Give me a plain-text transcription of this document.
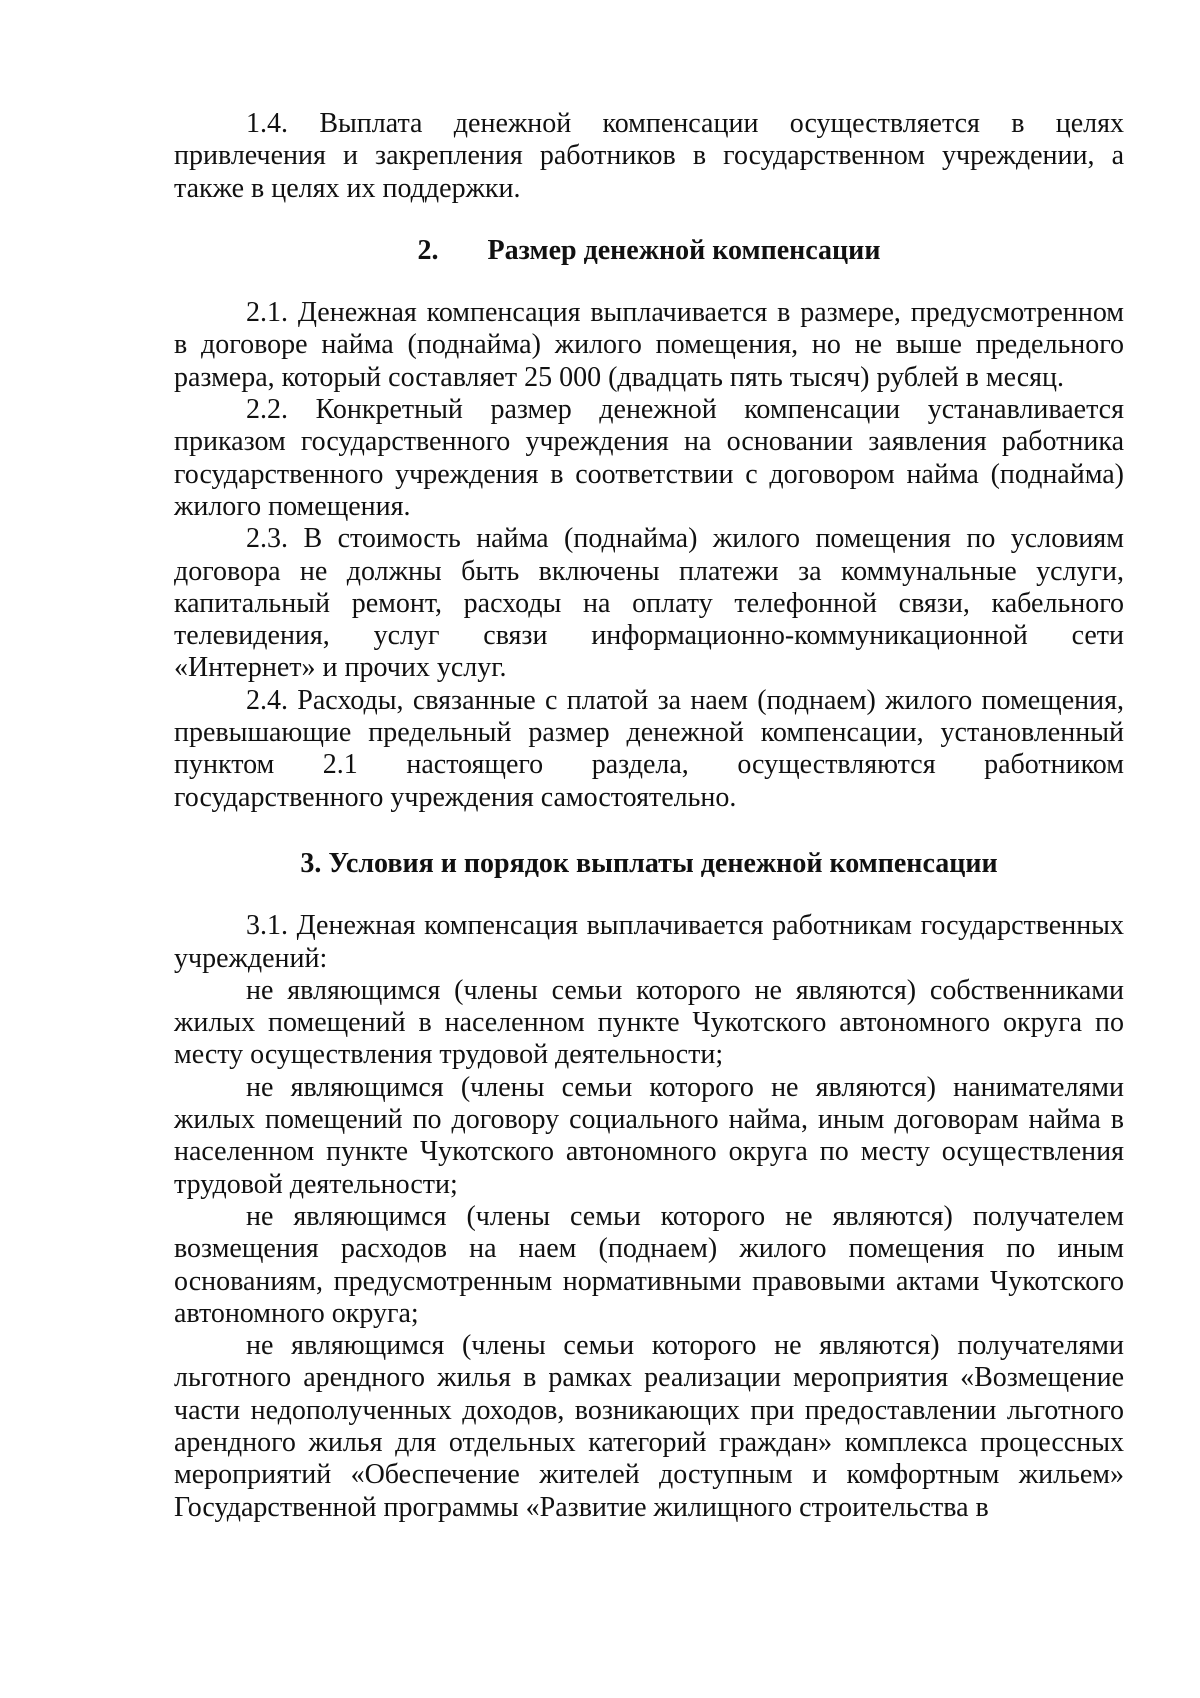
1.4. Выплата денежной компенсации осуществляется в целях привлечения и закрепления работников в государственном учреждении, а также в целях их поддержки.

2. Размер денежной компенсации

2.1. Денежная компенсация выплачивается в размере, предусмотренном в договоре найма (поднайма) жилого помещения, но не выше предельного размера, который составляет 25 000 (двадцать пять тысяч) рублей в месяц.

2.2. Конкретный размер денежной компенсации устанавливается приказом государственного учреждения на основании заявления работника государственного учреждения в соответствии с договором найма (поднайма) жилого помещения.

2.3. В стоимость найма (поднайма) жилого помещения по условиям договора не должны быть включены платежи за коммунальные услуги, капитальный ремонт, расходы на оплату телефонной связи, кабельного телевидения, услуг связи информационно-коммуникационной сети «Интернет» и прочих услуг.

2.4. Расходы, связанные с платой за наем (поднаем) жилого помещения, превышающие предельный размер денежной компенсации, установленный пунктом 2.1 настоящего раздела, осуществляются работником государственного учреждения самостоятельно.

3. Условия и порядок выплаты денежной компенсации

3.1. Денежная компенсация выплачивается работникам государственных учреждений:

не являющимся (члены семьи которого не являются) собственниками жилых помещений в населенном пункте Чукотского автономного округа по месту осуществления трудовой деятельности;

не являющимся (члены семьи которого не являются) нанимателями жилых помещений по договору социального найма, иным договорам найма в населенном пункте Чукотского автономного округа по месту осуществления трудовой деятельности;

не являющимся (члены семьи которого не являются) получателем возмещения расходов на наем (поднаем) жилого помещения по иным основаниям, предусмотренным нормативными правовыми актами Чукотского автономного округа;

не являющимся (члены семьи которого не являются) получателями льготного арендного жилья в рамках реализации мероприятия «Возмещение части недополученных доходов, возникающих при предоставлении льготного арендного жилья для отдельных категорий граждан» комплекса процессных мероприятий «Обеспечение жителей доступным и комфортным жильем» Государственной программы «Развитие жилищного строительства в
